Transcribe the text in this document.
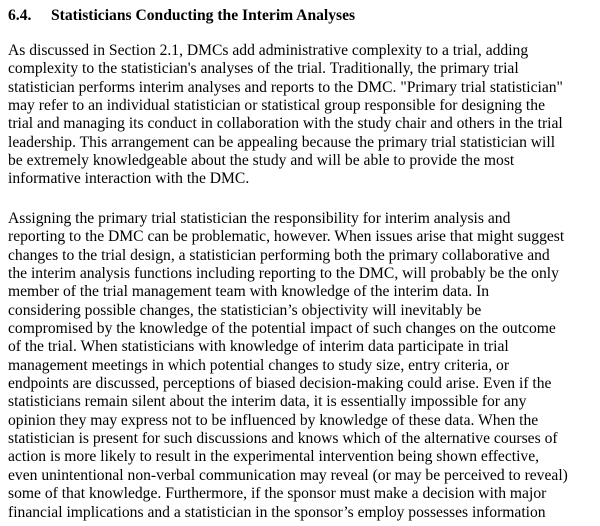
6.4. Statisticians Conducting the Interim Analyses
As discussed in Section 2.1, DMCs add administrative complexity to a trial, adding
complexity to the statistician's analyses of the trial. Traditionally, the primary trial
statistician performs interim analyses and reports to the DMC. "Primary trial statistician"
may refer to an individual statistician or statistical group responsible for designing the
trial and managing its conduct in collaboration with the study chair and others in the trial
leadership. This arrangement can be appealing because the primary trial statistician will
be extremely knowledgeable about the study and will be able to provide the most
informative interaction with the DMC.
Assigning the primary trial statistician the responsibility for interim analysis and
reporting to the DMC can be problematic, however. When issues arise that might suggest
changes to the trial design, a statistician performing both the primary collaborative and
the interim analysis functions including reporting to the DMC, will probably be the only
member of the trial management team with knowledge of the interim data. In
considering possible changes, the statistician’s objectivity will inevitably be
compromised by the knowledge of the potential impact of such changes on the outcome
of the trial. When statisticians with knowledge of interim data participate in trial
management meetings in which potential changes to study size, entry criteria, or
endpoints are discussed, perceptions of biased decision-making could arise. Even if the
statisticians remain silent about the interim data, it is essentially impossible for any
opinion they may express not to be influenced by knowledge of these data. When the
statistician is present for such discussions and knows which of the alternative courses of
action is more likely to result in the experimental intervention being shown effective,
even unintentional non-verbal communication may reveal (or may be perceived to reveal)
some of that knowledge. Furthermore, if the sponsor must make a decision with major
financial implications and a statistician in the sponsor’s employ possesses information
